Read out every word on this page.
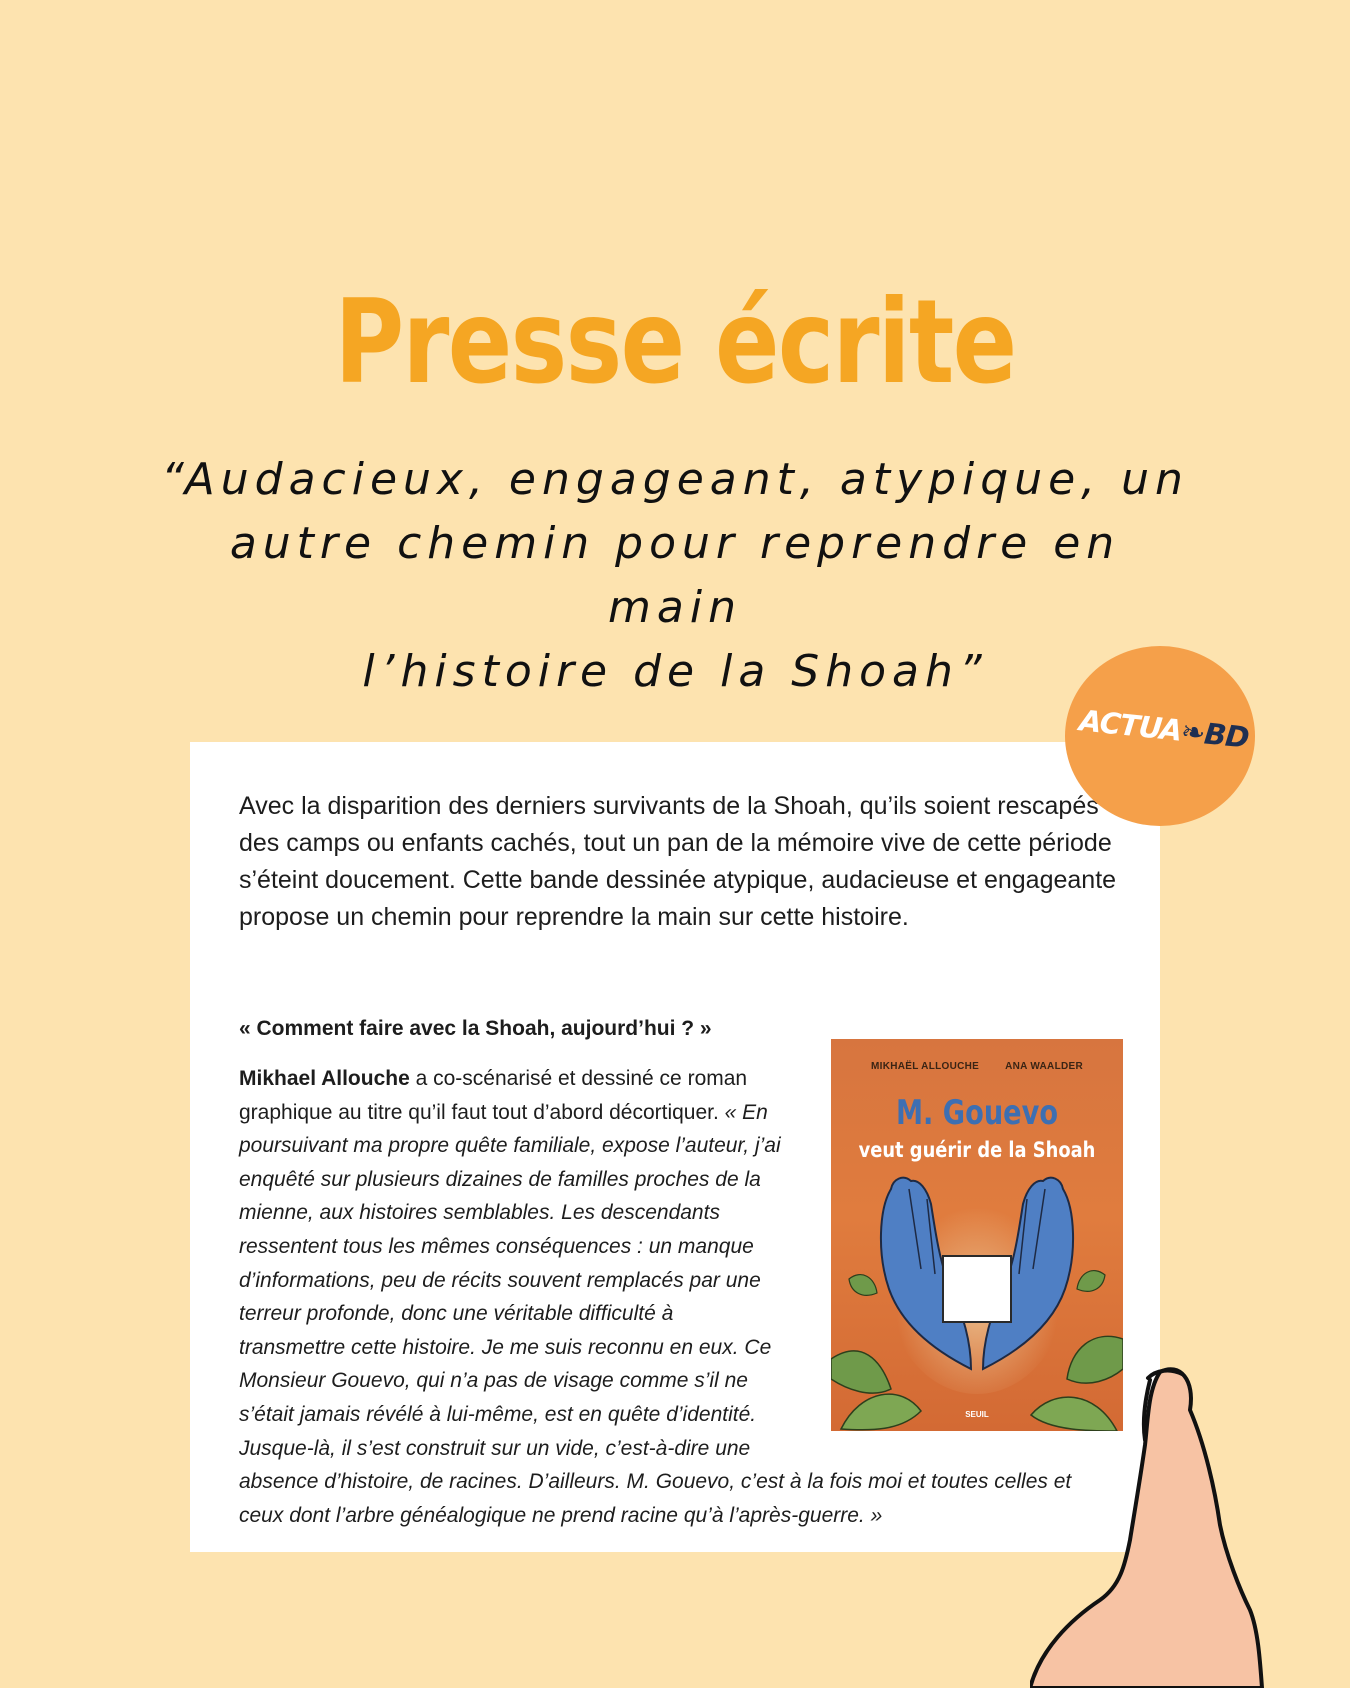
Presse écrite
“Audacieux, engageant, atypique, un
autre chemin pour reprendre en main
l’histoire de la Shoah”
Avec la disparition des derniers survivants de la Shoah, qu’ils soient rescapés des camps ou enfants cachés, tout un pan de la mémoire vive de cette période s’éteint doucement. Cette bande dessinée atypique, audacieuse et engageante propose un chemin pour reprendre la main sur cette histoire.
« Comment faire avec la Shoah, aujourd’hui ? »
Mikhael Allouche a co-scénarisé et dessiné ce roman graphique au titre qu’il faut tout d’abord décortiquer. « En poursuivant ma propre quête familiale, expose l’auteur, j’ai enquêté sur plusieurs dizaines de familles proches de la mienne, aux histoires semblables. Les descendants ressentent tous les mêmes conséquences : un manque d’informations, peu de récits souvent remplacés par une terreur profonde, donc une véritable difficulté à transmettre cette histoire. Je me suis reconnu en eux. Ce Monsieur Gouevo, qui n’a pas de visage comme s’il ne s’était jamais révélé à lui-même, est en quête d’identité. Jusque-là, il s’est construit sur un vide, c’est-à-dire une absence d’histoire, de racines. D’ailleurs. M. Gouevo, c’est à la fois moi et toutes celles et ceux dont l’arbre généalogique ne prend racine qu’à l’après-guerre. »
MIKHAËL ALLOUCHE	ANA WAALDER
M. Gouevo
veut guérir de la Shoah
SEUIL
ACTUA❧BD
